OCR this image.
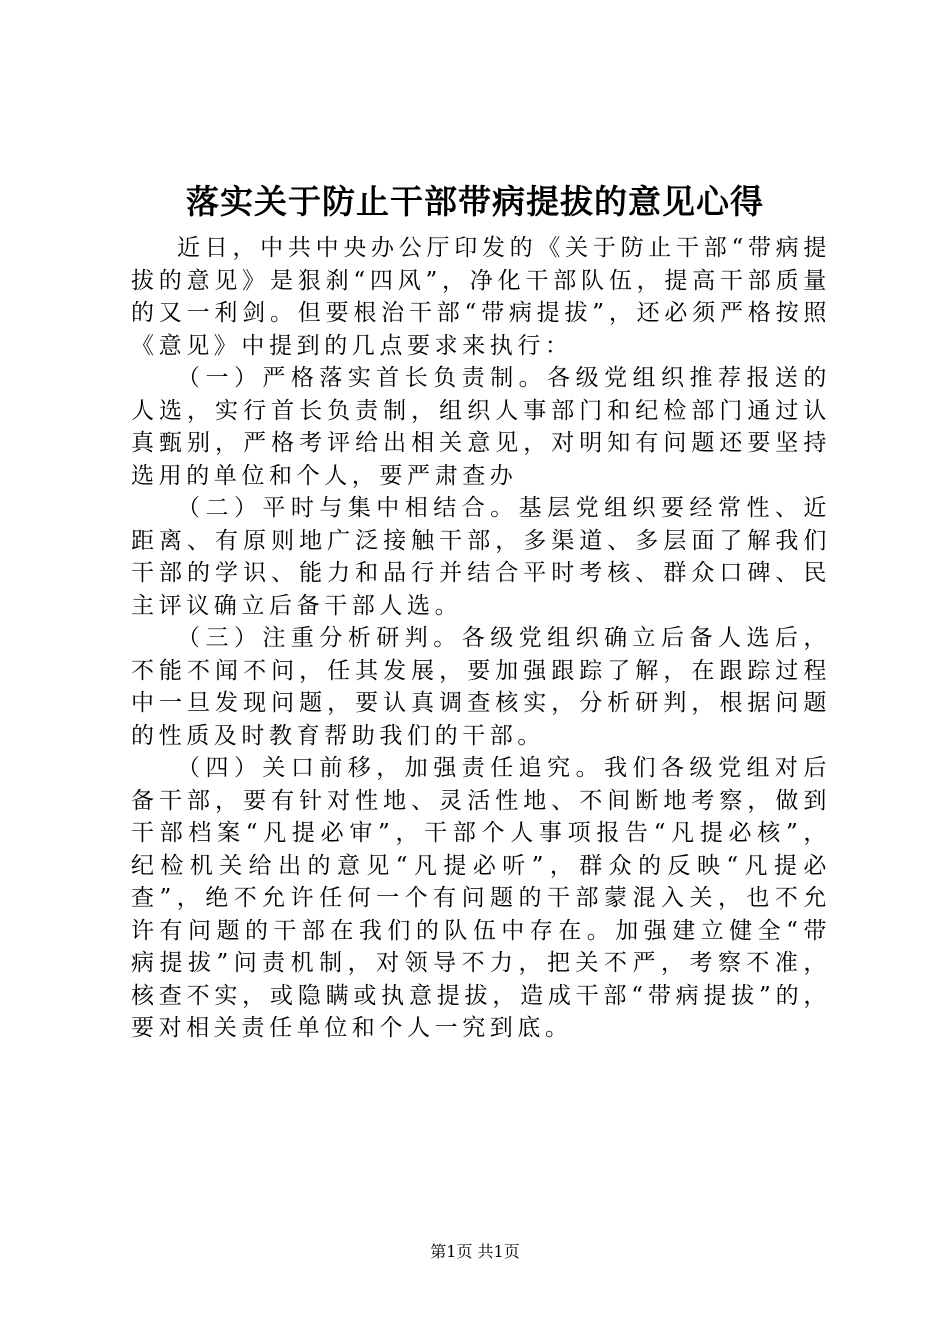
落实关于防止干部带病提拔的意见心得

近日，中共中央办公厅印发的《关于防止干部“带病提拔的意见》是狠刹“四风”，净化干部队伍，提高干部质量的又一利剑。但要根治干部“带病提拔”，还必须严格按照《意见》中提到的几点要求来执行：

（一）严格落实首长负责制。各级党组织推荐报送的人选，实行首长负责制，组织人事部门和纪检部门通过认真甄别，严格考评给出相关意见，对明知有问题还要坚持选用的单位和个人，要严肃查办

（二）平时与集中相结合。基层党组织要经常性、近距离、有原则地广泛接触干部，多渠道、多层面了解我们干部的学识、能力和品行并结合平时考核、群众口碑、民主评议确立后备干部人选。

（三）注重分析研判。各级党组织确立后备人选后，不能不闻不问，任其发展，要加强跟踪了解，在跟踪过程中一旦发现问题，要认真调查核实，分析研判，根据问题的性质及时教育帮助我们的干部。

（四）关口前移，加强责任追究。我们各级党组对后备干部，要有针对性地、灵活性地、不间断地考察，做到干部档案“凡提必审”，干部个人事项报告“凡提必核”，纪检机关给出的意见“凡提必听”，群众的反映“凡提必查”，绝不允许任何一个有问题的干部蒙混入关，也不允许有问题的干部在我们的队伍中存在。加强建立健全“带病提拔”问责机制，对领导不力，把关不严，考察不准，核查不实，或隐瞒或执意提拔，造成干部“带病提拔”的，要对相关责任单位和个人一究到底。

第1页 共1页
